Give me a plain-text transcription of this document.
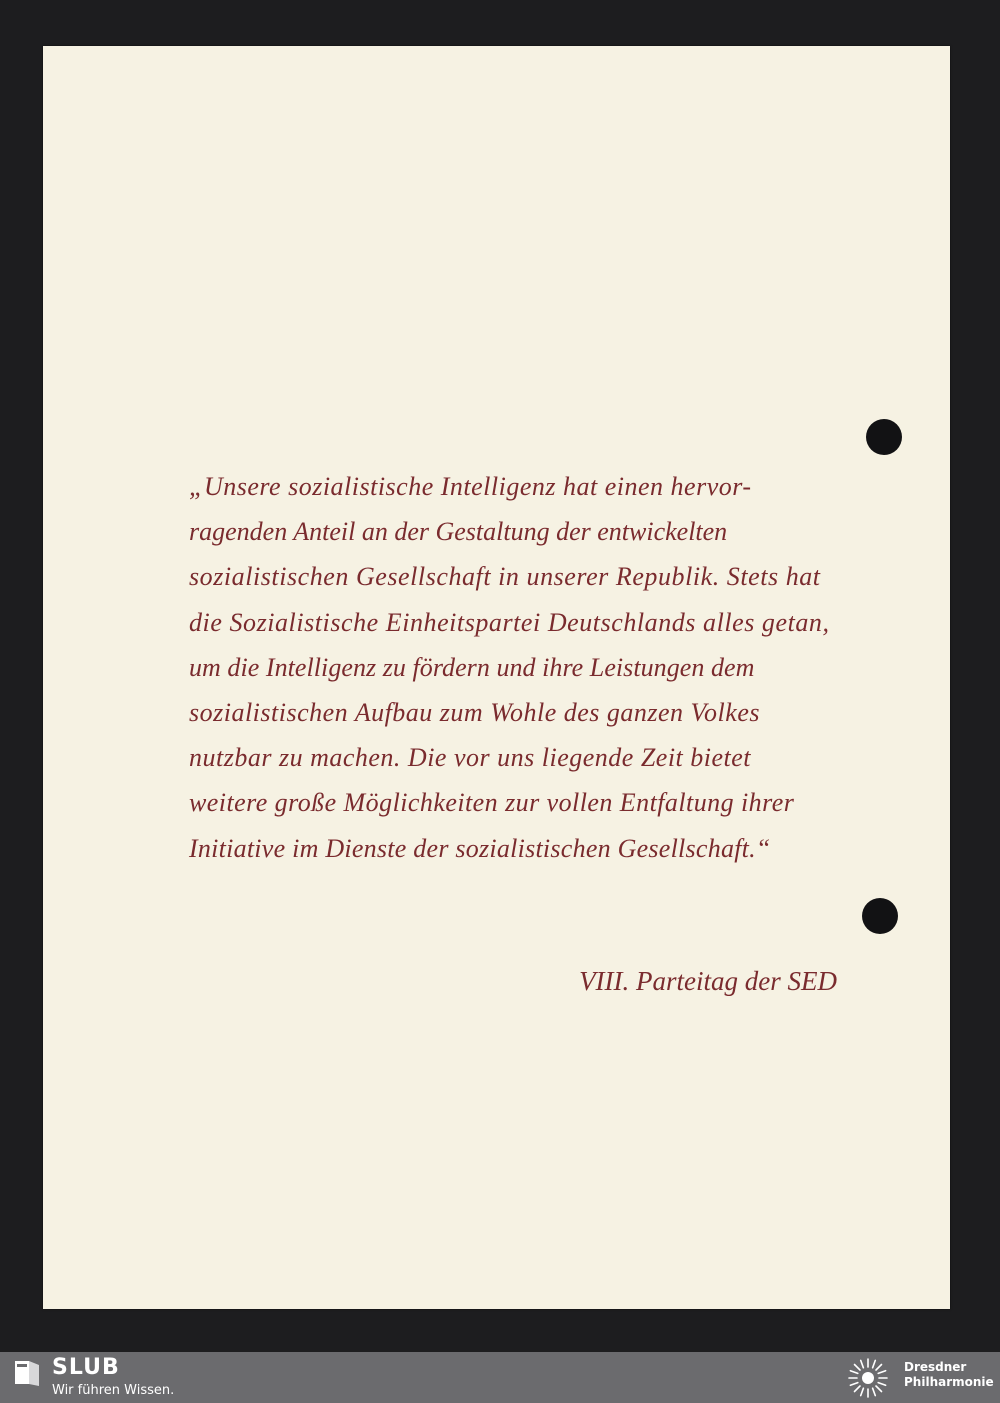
„Unsere sozialistische Intelligenz hat einen hervor-
ragenden Anteil an der Gestaltung der entwickelten
sozialistischen Gesellschaft in unserer Republik. Stets hat
die Sozialistische Einheitspartei Deutschlands alles getan,
um die Intelligenz zu fördern und ihre Leistungen dem
sozialistischen Aufbau zum Wohle des ganzen Volkes
nutzbar zu machen. Die vor uns liegende Zeit bietet
weitere große Möglichkeiten zur vollen Entfaltung ihrer
Initiative im Dienste der sozialistischen Gesellschaft.“
VIII. Parteitag der SED
SLUB
Wir führen Wissen.
Dresdner
Philharmonie
